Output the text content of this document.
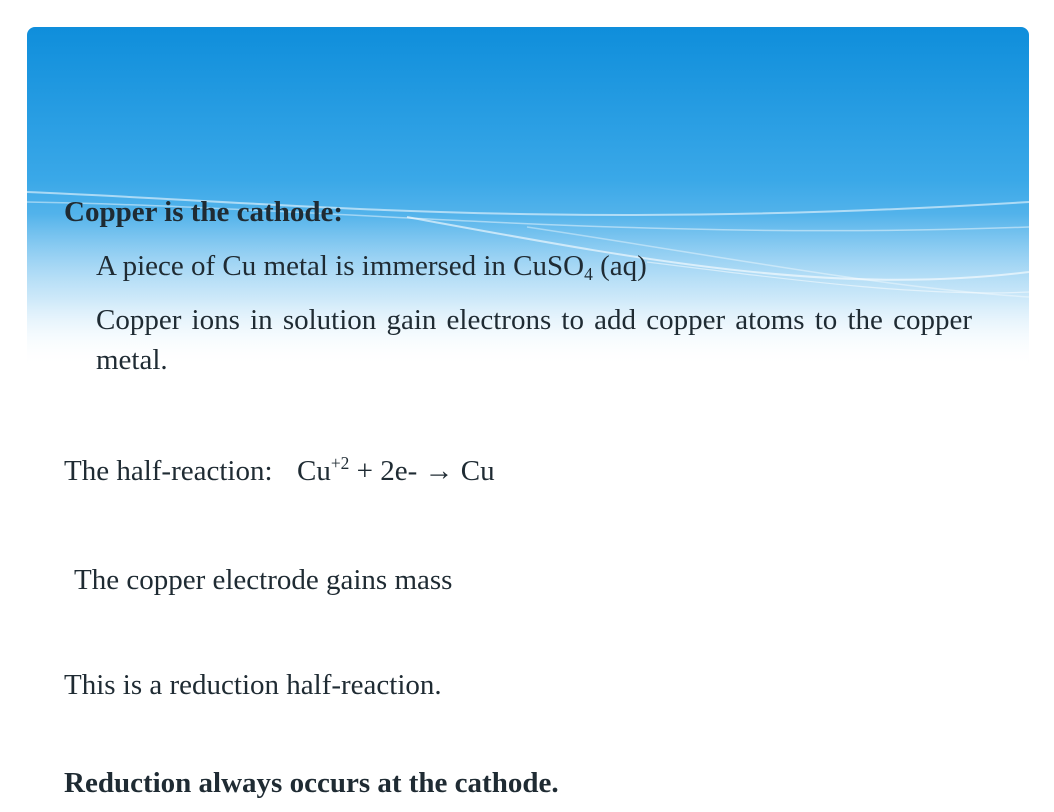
Copper is the cathode:
A piece of Cu metal is immersed in CuSO$_4$ (aq)
Copper ions in solution gain electrons to add copper atoms to the copper metal.
The half-reaction: $Cu^{+2} + 2e- \to Cu$
The copper electrode gains mass
This is a reduction half-reaction.
Reduction always occurs at the cathode.
